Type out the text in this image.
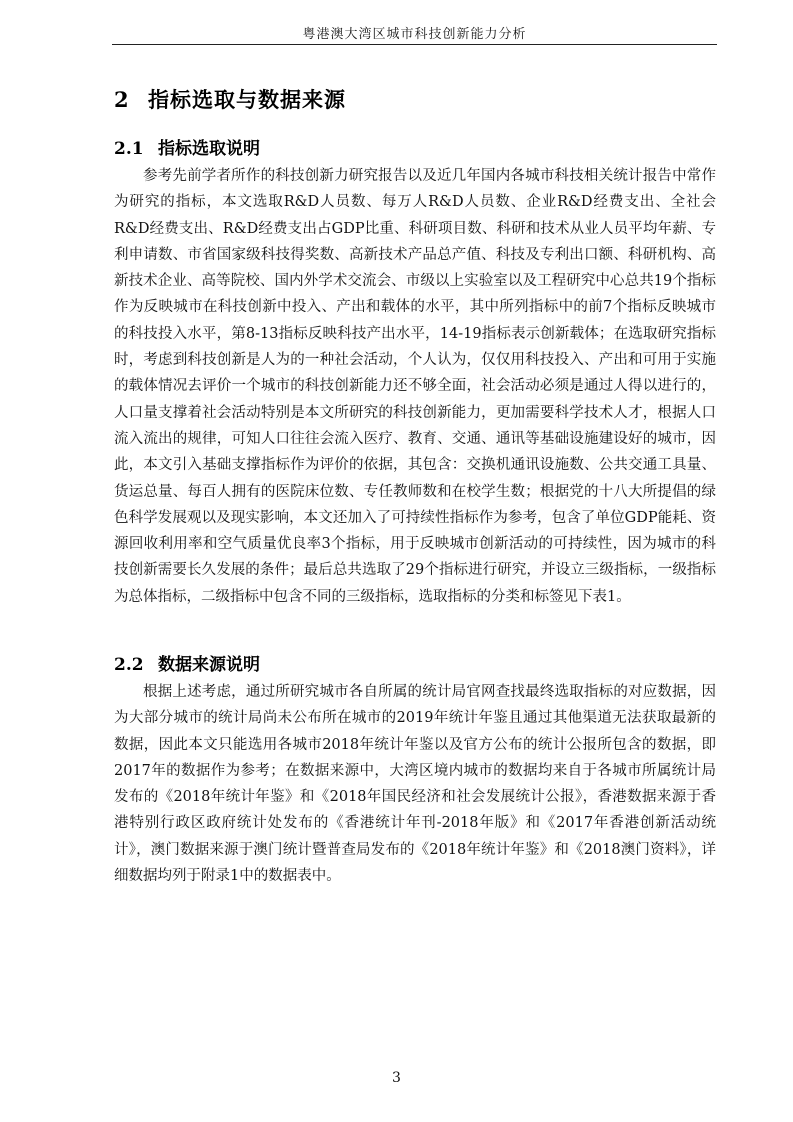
粤港澳大湾区城市科技创新能力分析
2 指标选取与数据来源
2.1 指标选取说明

参考先前学者所作的科技创新力研究报告以及近几年国内各城市科技相关统计报告中常作为研究的指标，本文选取R&D人员数、每万人R&D人员数、企业R&D经费支出、全社会R&D经费支出、R&D经费支出占GDP比重、科研项目数、科研和技术从业人员平均年薪、专利申请数、市省国家级科技得奖数、高新技术产品总产值、科技及专利出口额、科研机构、高新技术企业、高等院校、国内外学术交流会、市级以上实验室以及工程研究中心总共19个指标作为反映城市在科技创新中投入、产出和载体的水平，其中所列指标中的前7个指标反映城市的科技投入水平，第8-13指标反映科技产出水平，14-19指标表示创新载体；在选取研究指标时，考虑到科技创新是人为的一种社会活动，个人认为，仅仅用科技投入、产出和可用于实施的载体情况去评价一个城市的科技创新能力还不够全面，社会活动必须是通过人得以进行的，人口量支撑着社会活动特别是本文所研究的科技创新能力，更加需要科学技术人才，根据人口流入流出的规律，可知人口往往会流入医疗、教育、交通、通讯等基础设施建设好的城市，因此，本文引入基础支撑指标作为评价的依据，其包含：交换机通讯设施数、公共交通工具量、货运总量、每百人拥有的医院床位数、专任教师数和在校学生数；根据党的十八大所提倡的绿色科学发展观以及现实影响，本文还加入了可持续性指标作为参考，包含了单位GDP能耗、资源回收利用率和空气质量优良率3个指标，用于反映城市创新活动的可持续性，因为城市的科技创新需要长久发展的条件；最后总共选取了29个指标进行研究，并设立三级指标，一级指标为总体指标，二级指标中包含不同的三级指标，选取指标的分类和标签见下表1。

2.2 数据来源说明

根据上述考虑，通过所研究城市各自所属的统计局官网查找最终选取指标的对应数据，因为大部分城市的统计局尚未公布所在城市的2019年统计年鉴且通过其他渠道无法获取最新的数据，因此本文只能选用各城市2018年统计年鉴以及官方公布的统计公报所包含的数据，即2017年的数据作为参考；在数据来源中，大湾区境内城市的数据均来自于各城市所属统计局发布的《2018年统计年鉴》和《2018年国民经济和社会发展统计公报》，香港数据来源于香港特别行政区政府统计处发布的《香港统计年刊-2018年版》和《2017年香港创新活动统计》，澳门数据来源于澳门统计暨普查局发布的《2018年统计年鉴》和《2018澳门资料》，详细数据均列于附录1中的数据表中。

3
